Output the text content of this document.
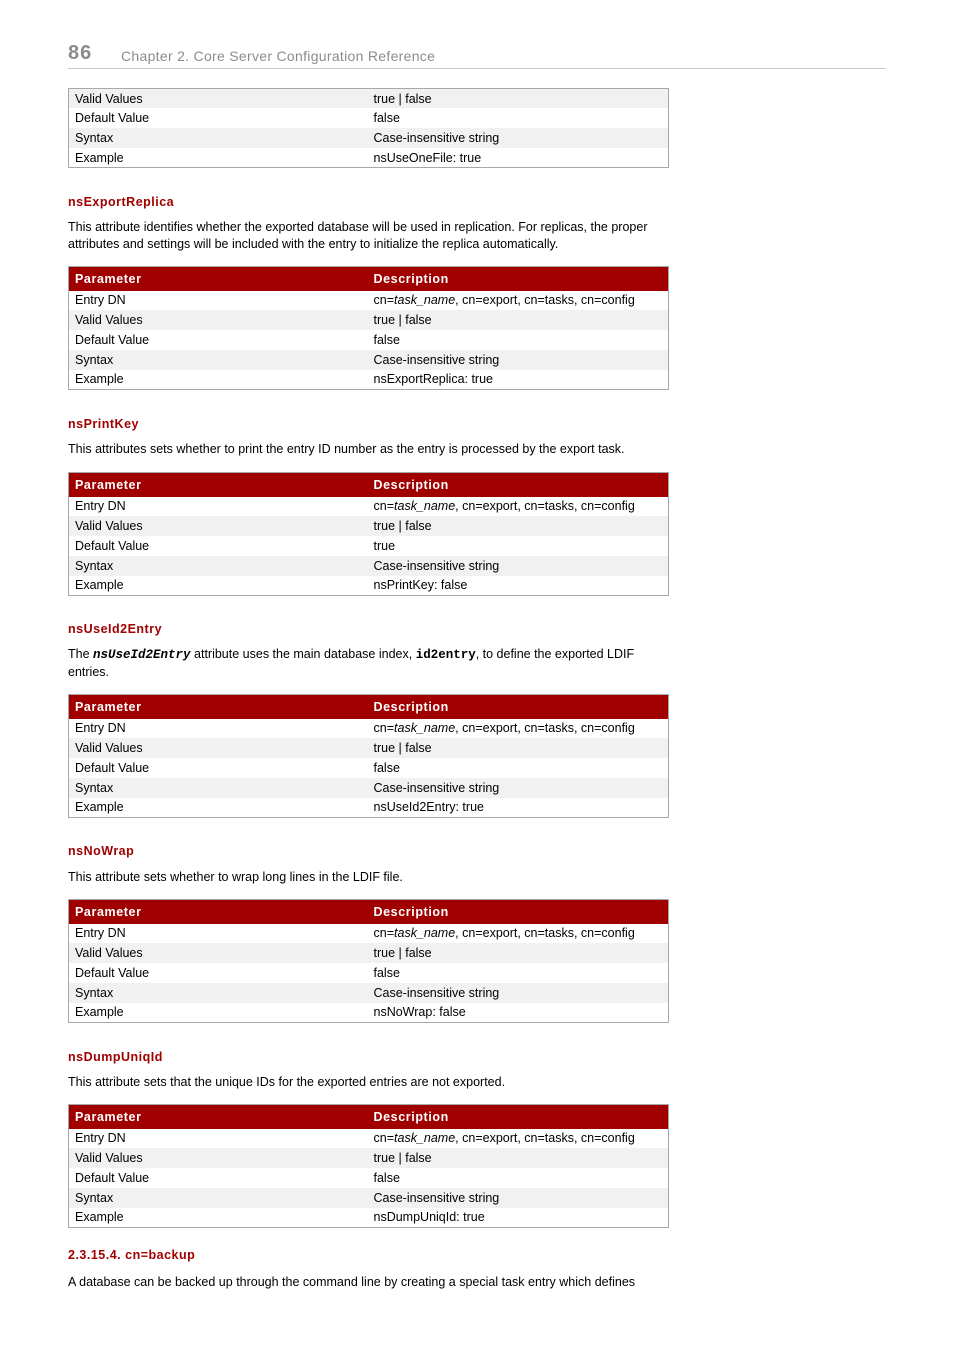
86 Chapter 2. Core Server Configuration Reference
Valid Values	true | false
Default Value	false
Syntax	Case-insensitive string
Example	nsUseOneFile: true
nsExportReplica
This attribute identifies whether the exported database will be used in replication. For replicas, the proper attributes and settings will be included with the entry to initialize the replica automatically.
Parameter	Description
Entry DN	cn=task_name, cn=export, cn=tasks, cn=config
Valid Values	true | false
Default Value	false
Syntax	Case-insensitive string
Example	nsExportReplica: true
nsPrintKey
This attributes sets whether to print the entry ID number as the entry is processed by the export task.
Parameter	Description
Entry DN	cn=task_name, cn=export, cn=tasks, cn=config
Valid Values	true | false
Default Value	true
Syntax	Case-insensitive string
Example	nsPrintKey: false
nsUseId2Entry
The nsUseId2Entry attribute uses the main database index, id2entry, to define the exported LDIF entries.
Parameter	Description
Entry DN	cn=task_name, cn=export, cn=tasks, cn=config
Valid Values	true | false
Default Value	false
Syntax	Case-insensitive string
Example	nsUseId2Entry: true
nsNoWrap
This attribute sets whether to wrap long lines in the LDIF file.
Parameter	Description
Entry DN	cn=task_name, cn=export, cn=tasks, cn=config
Valid Values	true | false
Default Value	false
Syntax	Case-insensitive string
Example	nsNoWrap: false
nsDumpUniqId
This attribute sets that the unique IDs for the exported entries are not exported.
Parameter	Description
Entry DN	cn=task_name, cn=export, cn=tasks, cn=config
Valid Values	true | false
Default Value	false
Syntax	Case-insensitive string
Example	nsDumpUniqId: true
2.3.15.4. cn=backup
A database can be backed up through the command line by creating a special task entry which defines
